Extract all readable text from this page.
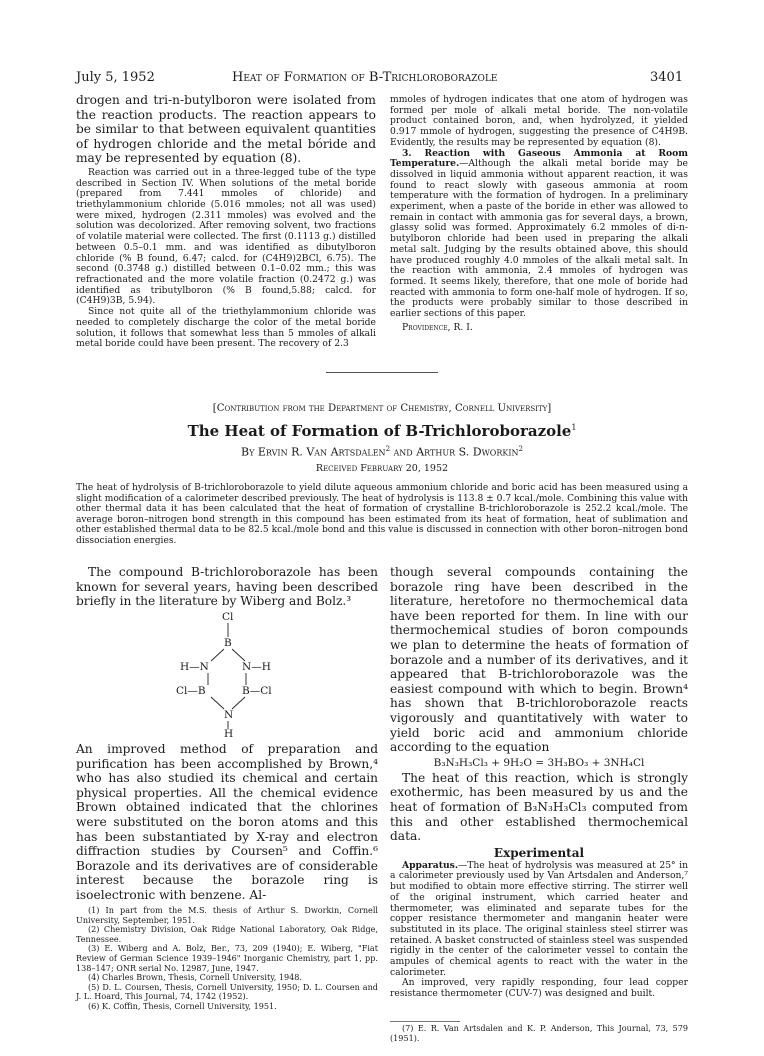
July 5, 1952	Heat of Formation of B-Trichloroborazole	3401

drogen and tri-n-butylboron were isolated from the reaction products. The reaction appears to be similar to that between equivalent quantities of hydrogen chloride and the metal bóride and may be represented by equation (8).

Reaction was carried out in a three-legged tube of the type described in Section IV. When solutions of the metal boride (prepared from 7.441 mmoles of chloride) and triethylammonium chloride (5.016 mmoles; not all was used) were mixed, hydrogen (2.311 mmoles) was evolved and the solution was decolorized. After removing solvent, two fractions of volatile material were collected. The first (0.1113 g.) distilled between 0.5–0.1 mm. and was identified as dibutylboron chloride (% B found, 6.47; calcd. for (C4H9)2BCl, 6.75). The second (0.3748 g.) distilled between 0.1–0.02 mm.; this was refractionated and the more volatile fraction (0.2472 g.) was identified as tributylboron (% B found,5.88; calcd. for (C4H9)3B, 5.94).

Since not quite all of the triethylammonium chloride was needed to completely discharge the color of the metal boride solution, it follows that somewhat less than 5 mmoles of alkali metal boride could have been present. The recovery of 2.3

mmoles of hydrogen indicates that one atom of hydrogen was formed per mole of alkali metal boride. The non-volatile product contained boron, and, when hydrolyzed, it yielded 0.917 mmole of hydrogen, suggesting the presence of C4H9B. Evidently, the results may be represented by equation (8).

3. Reaction with Gaseous Ammonia at Room Temperature.—Although the alkali metal boride may be dissolved in liquid ammonia without apparent reaction, it was found to react slowly with gaseous ammonia at room temperature with the formation of hydrogen. In a preliminary experiment, when a paste of the boride in ether was allowed to remain in contact with ammonia gas for several days, a brown, glassy solid was formed. Approximately 6.2 mmoles of di-n-butylboron chloride had been used in preparing the alkali metal salt. Judging by the results obtained above, this should have produced roughly 4.0 mmoles of the alkali metal salt. In the reaction with ammonia, 2.4 mmoles of hydrogen was formed. It seems likely, therefore, that one mole of boride had reacted with ammonia to form one-half mole of hydrogen. If so, the products were probably similar to those described in earlier sections of this paper.

Providence, R. I.

[Contribution from the Department of Chemistry, Cornell University]
The Heat of Formation of B-Trichloroborazole$^1$
By Ervin R. Van Artsdalen$^2$ and Arthur S. Dworkin$^2$
Received February 20, 1952
The heat of hydrolysis of B-trichloroborazole to yield dilute aqueous ammonium chloride and boric acid has been measured using a slight modification of a calorimeter described previously. The heat of hydrolysis is 113.8 ± 0.7 kcal./mole. Combining this value with other thermal data it has been calculated that the heat of formation of crystalline B-trichloroborazole is 252.2 kcal./mole. The average boron–nitrogen bond strength in this compound has been estimated from its heat of formation, heat of sublimation and other established thermal data to be 82.5 kcal./mole bond and this value is discussed in connection with other boron–nitrogen bond dissociation energies.

The compound B-trichloroborazole has been known for several years, having been described briefly in the literature by Wiberg and Bolz.³

Cl
B
H—N	N—H
Cl—B	B—Cl
N
H

An improved method of preparation and purification has been accomplished by Brown,⁴ who has also studied its chemical and certain physical properties. All the chemical evidence Brown obtained indicated that the chlorines were substituted on the boron atoms and this has been substantiated by X-ray and electron diffraction studies by Coursen⁵ and Coffin.⁶ Borazole and its derivatives are of considerable interest because the borazole ring is isoelectronic with benzene. Al-

(1) In part from the M.S. thesis of Arthur S. Dworkin, Cornell University, September, 1951.

(2) Chemistry Division, Oak Ridge National Laboratory, Oak Ridge, Tennessee.

(3) E. Wiberg and A. Bolz, Ber., 73, 209 (1940); E. Wiberg, "Fiat Review of German Science 1939–1946" Inorganic Chemistry, part 1, pp. 138–147; ONR serial No. 12987, June, 1947.

(4) Charles Brown, Thesis, Cornell University, 1948.

(5) D. L. Coursen, Thesis, Cornell University, 1950; D. L. Coursen and J. L. Hoard, This Journal, 74, 1742 (1952).

(6) K. Coffin, Thesis, Cornell University, 1951.

though several compounds containing the borazole ring have been described in the literature, heretofore no thermochemical data have been reported for them. In line with our thermochemical studies of boron compounds we plan to determine the heats of formation of borazole and a number of its derivatives, and it appeared that B-trichloroborazole was the easiest compound with which to begin. Brown⁴ has shown that B-trichloroborazole reacts vigorously and quantitatively with water to yield boric acid and ammonium chloride according to the equation

B₃N₃H₃Cl₃ + 9H₂O = 3H₃BO₃ + 3NH₄Cl

The heat of this reaction, which is strongly exothermic, has been measured by us and the heat of formation of B₃N₃H₃Cl₃ computed from this and other established thermochemical data.

Experimental

Apparatus.—The heat of hydrolysis was measured at 25° in a calorimeter previously used by Van Artsdalen and Anderson,⁷ but modified to obtain more effective stirring. The stirrer well of the original instrument, which carried heater and thermometer, was eliminated and separate tubes for the copper resistance thermometer and manganin heater were substituted in its place. The original stainless steel stirrer was retained. A basket constructed of stainless steel was suspended rigidly in the center of the calorimeter vessel to contain the ampules of chemical agents to react with the water in the calorimeter.

An improved, very rapidly responding, four lead copper resistance thermometer (CUV-7) was designed and built.

(7) E. R. Van Artsdalen and K. P. Anderson, This Journal, 73, 579 (1951).
